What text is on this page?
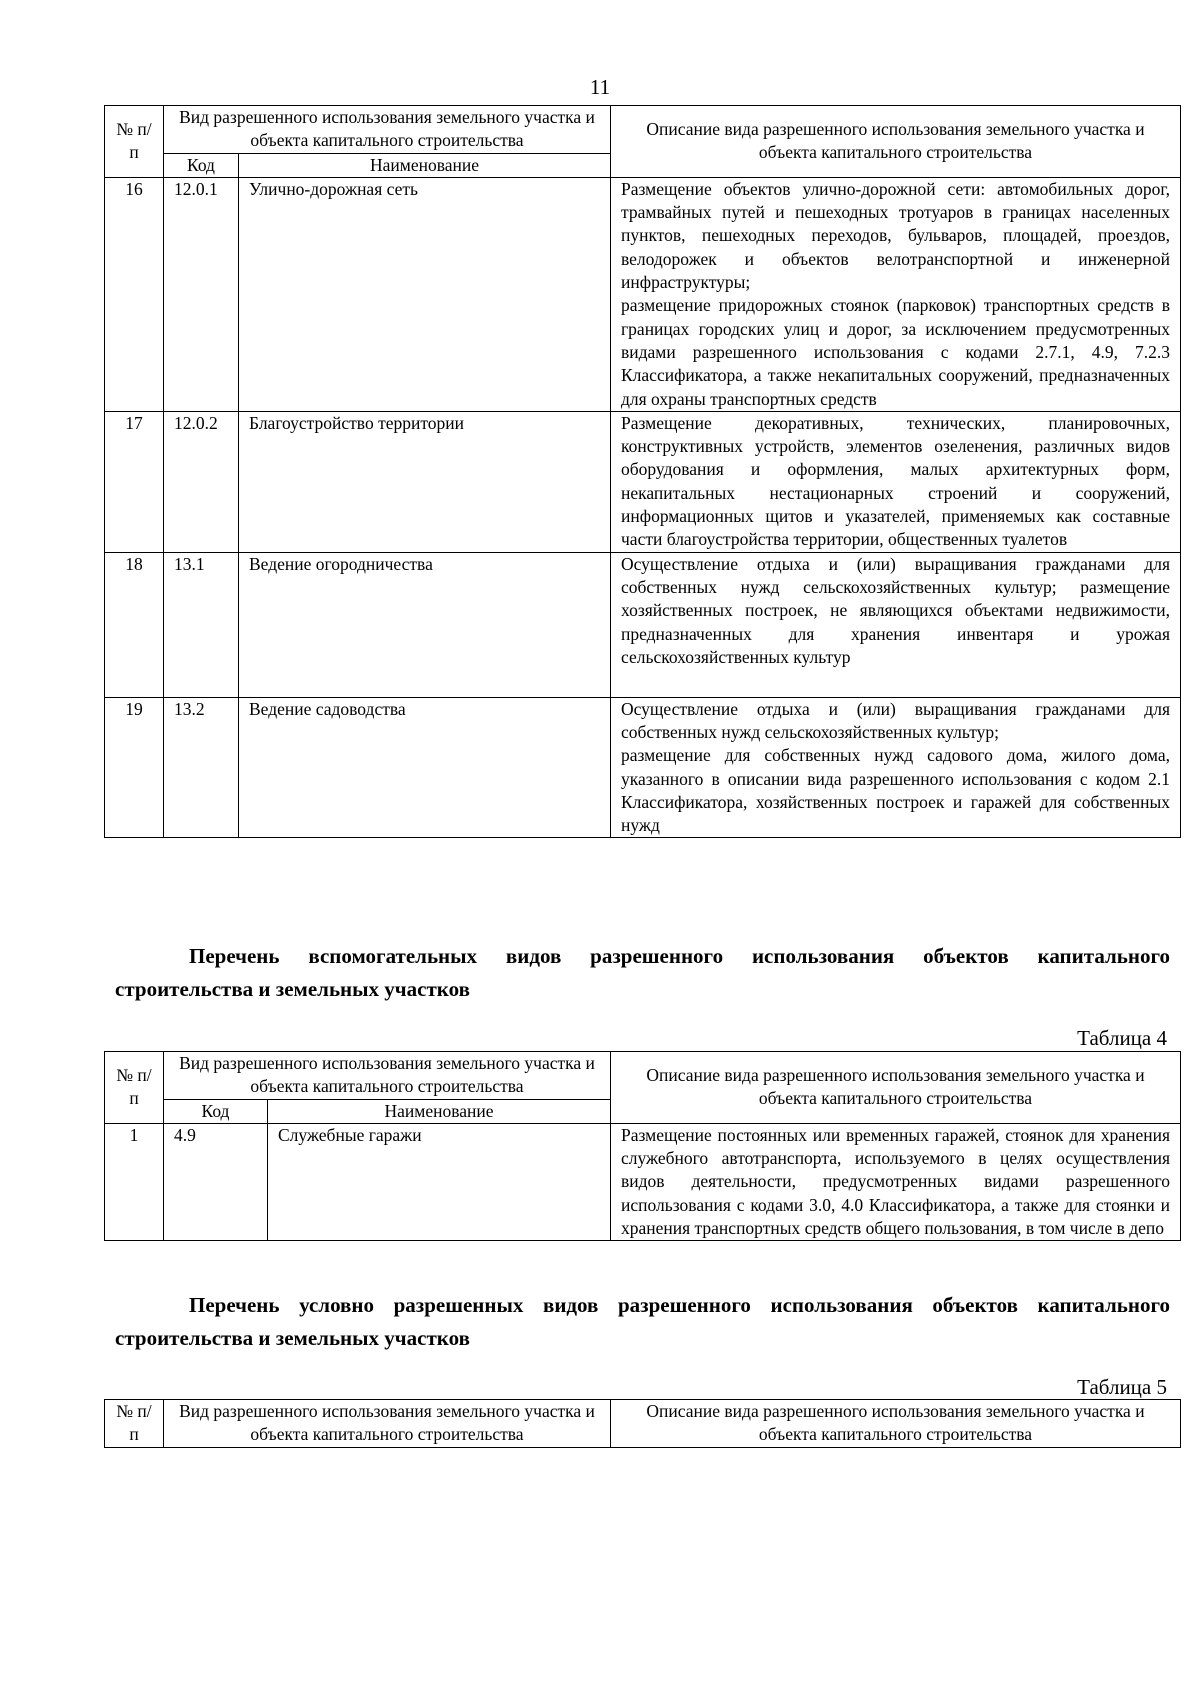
11
№ п/п	Вид разрешенного использования земельного участка и объекта капитального строительства		Описание вида разрешенного использования земельного участка и объекта капитального строительства
	Код	Наименование	
16	12.0.1	Улично-дорожная сеть	Размещение объектов улично-дорожной сети: автомобильных дорог, трамвайных путей и пешеходных тротуаров в границах населенных пунктов, пешеходных переходов, бульваров, площадей, проездов, велодорожек и объектов велотранспортной и инженерной инфраструктуры;

размещение придорожных стоянок (парковок) транспортных средств в границах городских улиц и дорог, за исключением предусмотренных видами разрешенного использования с кодами 2.7.1, 4.9, 7.2.3 Классификатора, а также некапитальных сооружений, предназначенных для охраны транспортных средств

17	12.0.2	Благоустройство территории	Размещение декоративных, технических, планировочных, конструктивных устройств, элементов озеленения, различных видов оборудования и оформления, малых архитектурных форм, некапитальных нестационарных строений и сооружений, информационных щитов и указателей, применяемых как составные части благоустройства территории, общественных туалетов

18	13.1	Ведение огородничества	Осуществление отдыха и (или) выращивания гражданами для собственных нужд сельскохозяйственных культур; размещение хозяйственных построек, не являющихся объектами недвижимости, предназначенных для хранения инвентаря и урожая сельскохозяйственных культур

19	13.2	Ведение садоводства	Осуществление отдыха и (или) выращивания гражданами для собственных нужд сельскохозяйственных культур;

размещение для собственных нужд садового дома, жилого дома, указанного в описании вида разрешенного использования с кодом 2.1 Классификатора, хозяйственных построек и гаражей для собственных нужд

Перечень вспомогательных видов разрешенного использования объектов капитального строительства и земельных участков
Таблица 4
№ п/п	Вид разрешенного использования земельного участка и объекта капитального строительства		Описание вида разрешенного использования земельного участка и объекта капитального строительства
	Код	Наименование	
1	4.9	Служебные гаражи	Размещение постоянных или временных гаражей, стоянок для хранения служебного автотранспорта, используемого в целях осуществления видов деятельности, предусмотренных видами разрешенного использования с кодами 3.0, 4.0 Классификатора, а также для стоянки и хранения транспортных средств общего пользования, в том числе в депо

Перечень условно разрешенных видов разрешенного использования объектов капитального строительства и земельных участков
Таблица 5
№ п/п	Вид разрешенного использования земельного участка и объекта капитального строительства	Описание вида разрешенного использования земельного участка и объекта капитального строительства
